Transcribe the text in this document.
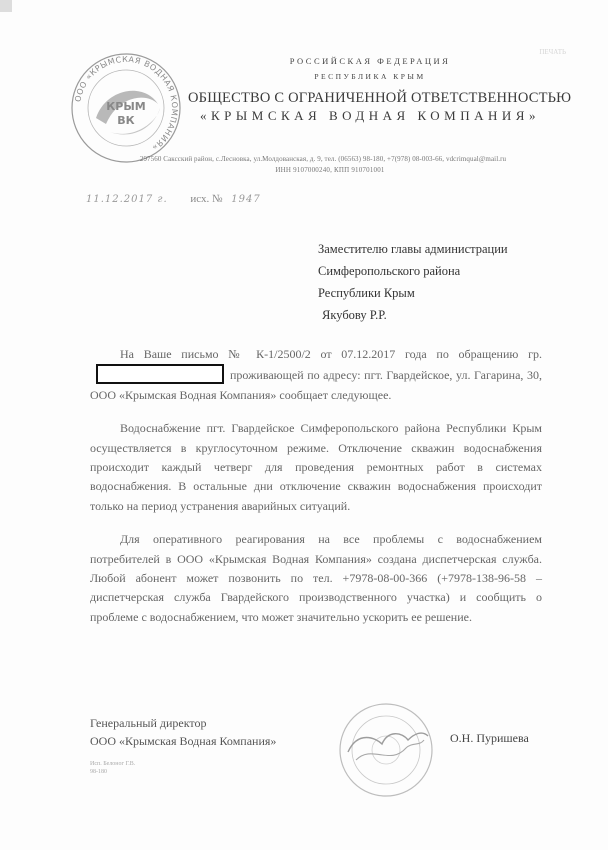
ООО «КРЫМСКАЯ ВОДНАЯ КОМПАНИЯ»
КРЫМ
ВК
РОССИЙСКАЯ ФЕДЕРАЦИЯ
РЕСПУБЛИКА КРЫМ
ОБЩЕСТВО С ОГРАНИЧЕННОЙ ОТВЕТСТВЕННОСТЬЮ
«КРЫМСКАЯ ВОДНАЯ КОМПАНИЯ»
297560 Саксский район, с.Лесновка, ул.Молдованская, д. 9, тел. (06563) 98-180, +7(978) 08-003-66, vdcrimqual@mail.ru
ИНН 9107000240, КПП 910701001
ПЕЧАТЬ
11.12.2017 г. исх. № 1947
Заместителю главы администрации
Симферопольского района
Республики Крым
Якубову Р.Р.

На Ваше письмо № К-1/2500/2 от 07.12.2017 года по обращению гр.проживающей по адресу: пгт. Гвардейское, ул. Гагарина, 30, ООО «Крымская Водная Компания» сообщает следующее.

Водоснабжение пгт. Гвардейское Симферопольского района Республики Крым осуществляется в круглосуточном режиме. Отключение скважин водоснабжения происходит каждый четверг для проведения ремонтных работ в системах водоснабжения. В остальные дни отключение скважин водоснабжения происходит только на период устранения аварийных ситуаций.

Для оперативного реагирования на все проблемы с водоснабжением потребителей в ООО «Крымская Водная Компания» создана диспетчерская служба. Любой абонент может позвонить по тел. +7978-08-00-366 (+7978-138-96-58 – диспетчерская служба Гвардейского производственного участка) и сообщить о проблеме с водоснабжением, что может значительно ускорить ее решение.

Генеральный директор
ООО «Крымская Водная Компания»	О.Н. Пуришева
Исп. Белоног Г.В.
98-180
